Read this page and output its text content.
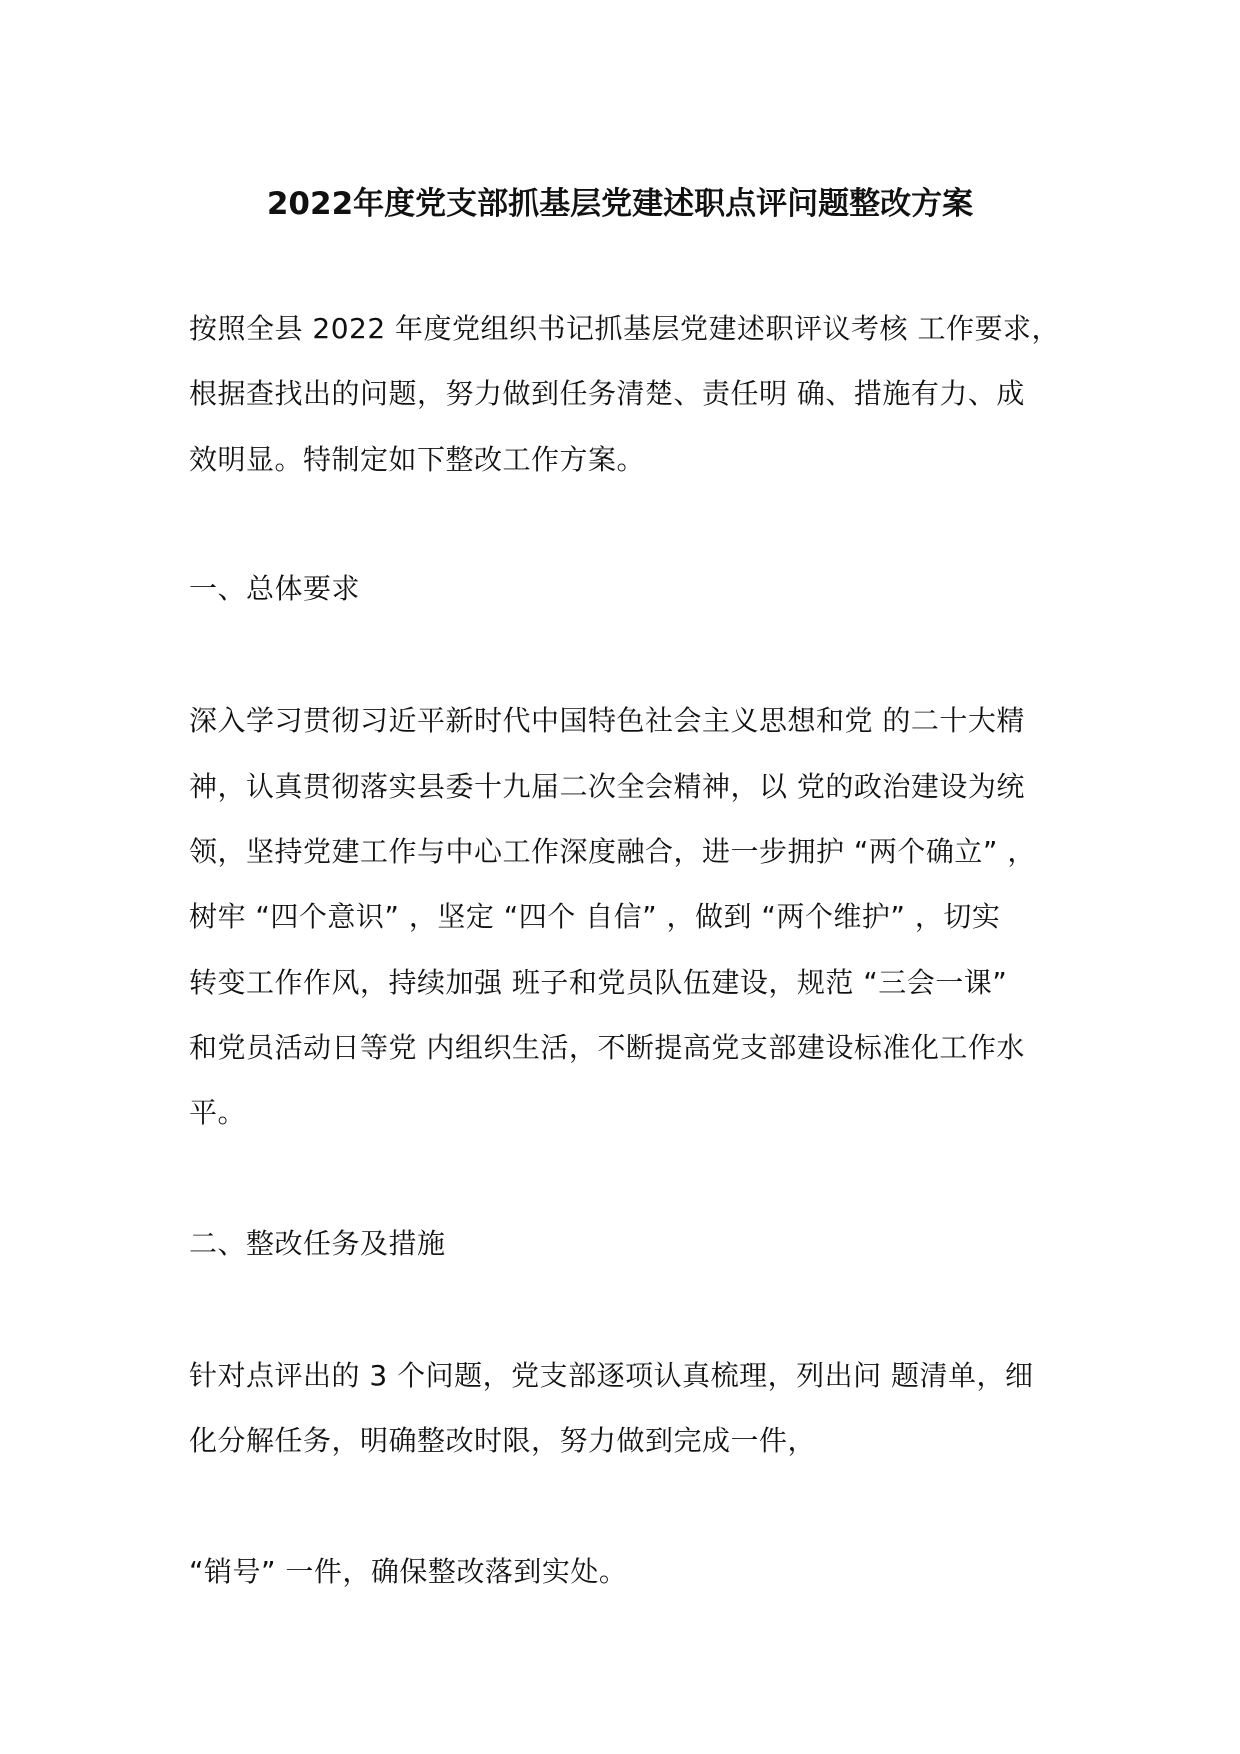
2022年度党支部抓基层党建述职点评问题整改方案
按照全县 2022 年度党组织书记抓基层党建述职评议考核 工作要求，
根据查找出的问题，努力做到任务清楚、责任明 确、措施有力、成
效明显。特制定如下整改工作方案。
一、总体要求
深入学习贯彻习近平新时代中国特色社会主义思想和党 的二十大精
神，认真贯彻落实县委十九届二次全会精神，以 党的政治建设为统
领，坚持党建工作与中心工作深度融合，进一步拥护 “两个确立” ，
树牢 “四个意识” ，坚定 “四个 自信” ，做到 “两个维护” ，切实
转变工作作风，持续加强 班子和党员队伍建设，规范 “三会一课”
和党员活动日等党 内组织生活，不断提高党支部建设标准化工作水
平。
二、整改任务及措施
针对点评出的 3 个问题，党支部逐项认真梳理，列出问 题清单，细
化分解任务，明确整改时限，努力做到完成一件，
“销号” 一件，确保整改落到实处。
